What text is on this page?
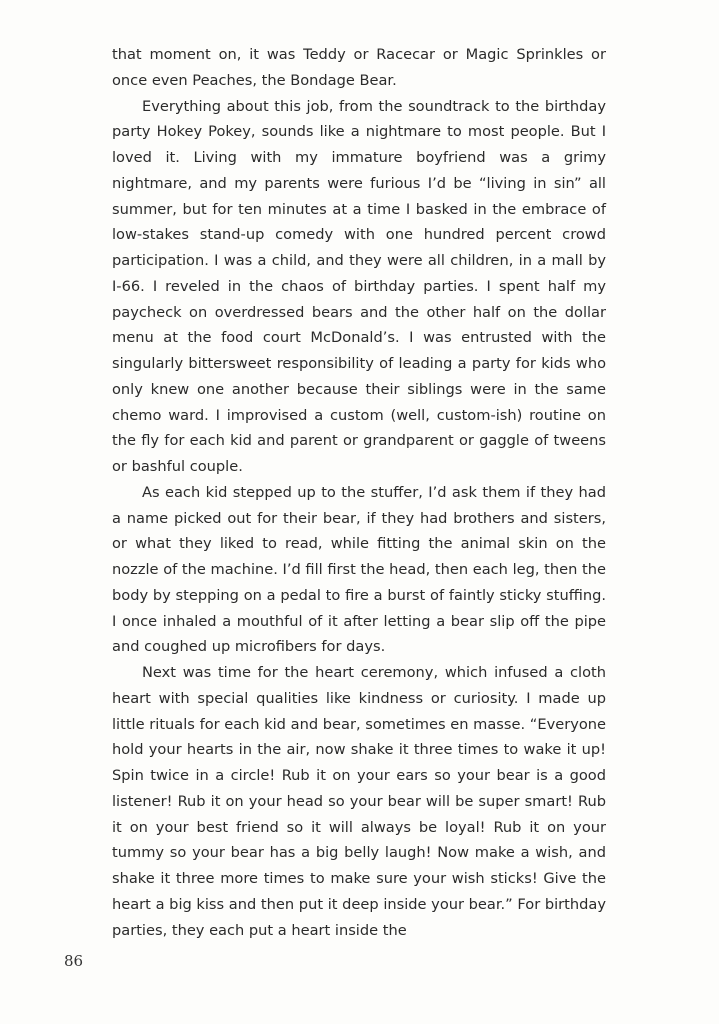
that moment on, it was Teddy or Racecar or Magic Sprinkles or once even Peaches, the Bondage Bear.

Everything about this job, from the soundtrack to the birthday party Hokey Pokey, sounds like a nightmare to most people. But I loved it. Living with my immature boyfriend was a grimy nightmare, and my parents were furious I’d be “living in sin” all summer, but for ten minutes at a time I basked in the embrace of low-stakes stand-up comedy with one hundred percent crowd participation. I was a child, and they were all children, in a mall by I-66. I reveled in the chaos of birthday parties. I spent half my paycheck on overdressed bears and the other half on the dollar menu at the food court McDonald’s. I was entrusted with the singularly bittersweet responsibility of leading a party for kids who only knew one another because their siblings were in the same chemo ward. I improvised a custom (well, custom-ish) routine on the fly for each kid and parent or grandparent or gaggle of tweens or bashful couple.

As each kid stepped up to the stuffer, I’d ask them if they had a name picked out for their bear, if they had brothers and sisters, or what they liked to read, while fitting the animal skin on the nozzle of the machine. I’d fill first the head, then each leg, then the body by stepping on a pedal to fire a burst of faintly sticky stuffing. I once inhaled a mouthful of it after letting a bear slip off the pipe and coughed up microfibers for days.

Next was time for the heart ceremony, which infused a cloth heart with special qualities like kindness or curiosity. I made up little rituals for each kid and bear, sometimes en masse. “Everyone hold your hearts in the air, now shake it three times to wake it up! Spin twice in a circle! Rub it on your ears so your bear is a good listener! Rub it on your head so your bear will be super smart! Rub it on your best friend so it will always be loyal! Rub it on your tummy so your bear has a big belly laugh! Now make a wish, and shake it three more times to make sure your wish sticks! Give the heart a big kiss and then put it deep inside your bear.” For birthday parties, they each put a heart inside the

86
